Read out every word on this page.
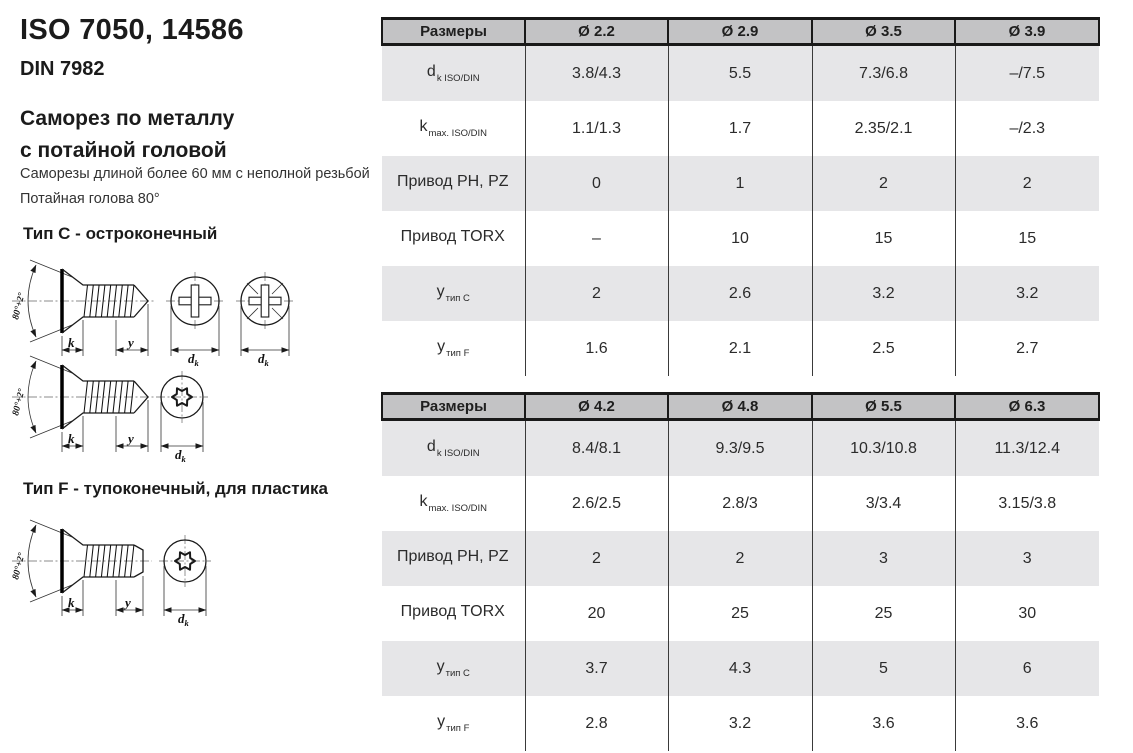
ISO 7050, 14586
DIN 7982
Саморез по металлу
с потайной головой
Саморезы длиной более 60 мм с неполной резьбой
Потайная голова 80°
Тип C - остроконечный
80°+2°
k	y
$d_k$	$d_k$
80°+2°
k	y
$d_k$
Тип F - тупоконечный, для пластика
80°+2°
k	y
$d_k$
Размеры	Ø 2.2	Ø 2.9	Ø 3.5	Ø 3.9
$d_{k ISO/DIN}$	3.8/4.3	5.5	7.3/6.8	–/7.5
$k_{max. ISO/DIN}$	1.1/1.3	1.7	2.35/2.1	–/2.3
Привод PH, PZ	0	1	2	2
Привод TORX	–	10	15	15
$y_{тип C}$	2	2.6	3.2	3.2
$y_{тип F}$	1.6	2.1	2.5	2.7
Размеры	Ø 4.2	Ø 4.8	Ø 5.5	Ø 6.3
$d_{k ISO/DIN}$	8.4/8.1	9.3/9.5	10.3/10.8	11.3/12.4
$k_{max. ISO/DIN}$	2.6/2.5	2.8/3	3/3.4	3.15/3.8
Привод PH, PZ	2	2	3	3
Привод TORX	20	25	25	30
$y_{тип C}$	3.7	4.3	5	6
$y_{тип F}$	2.8	3.2	3.6	3.6
